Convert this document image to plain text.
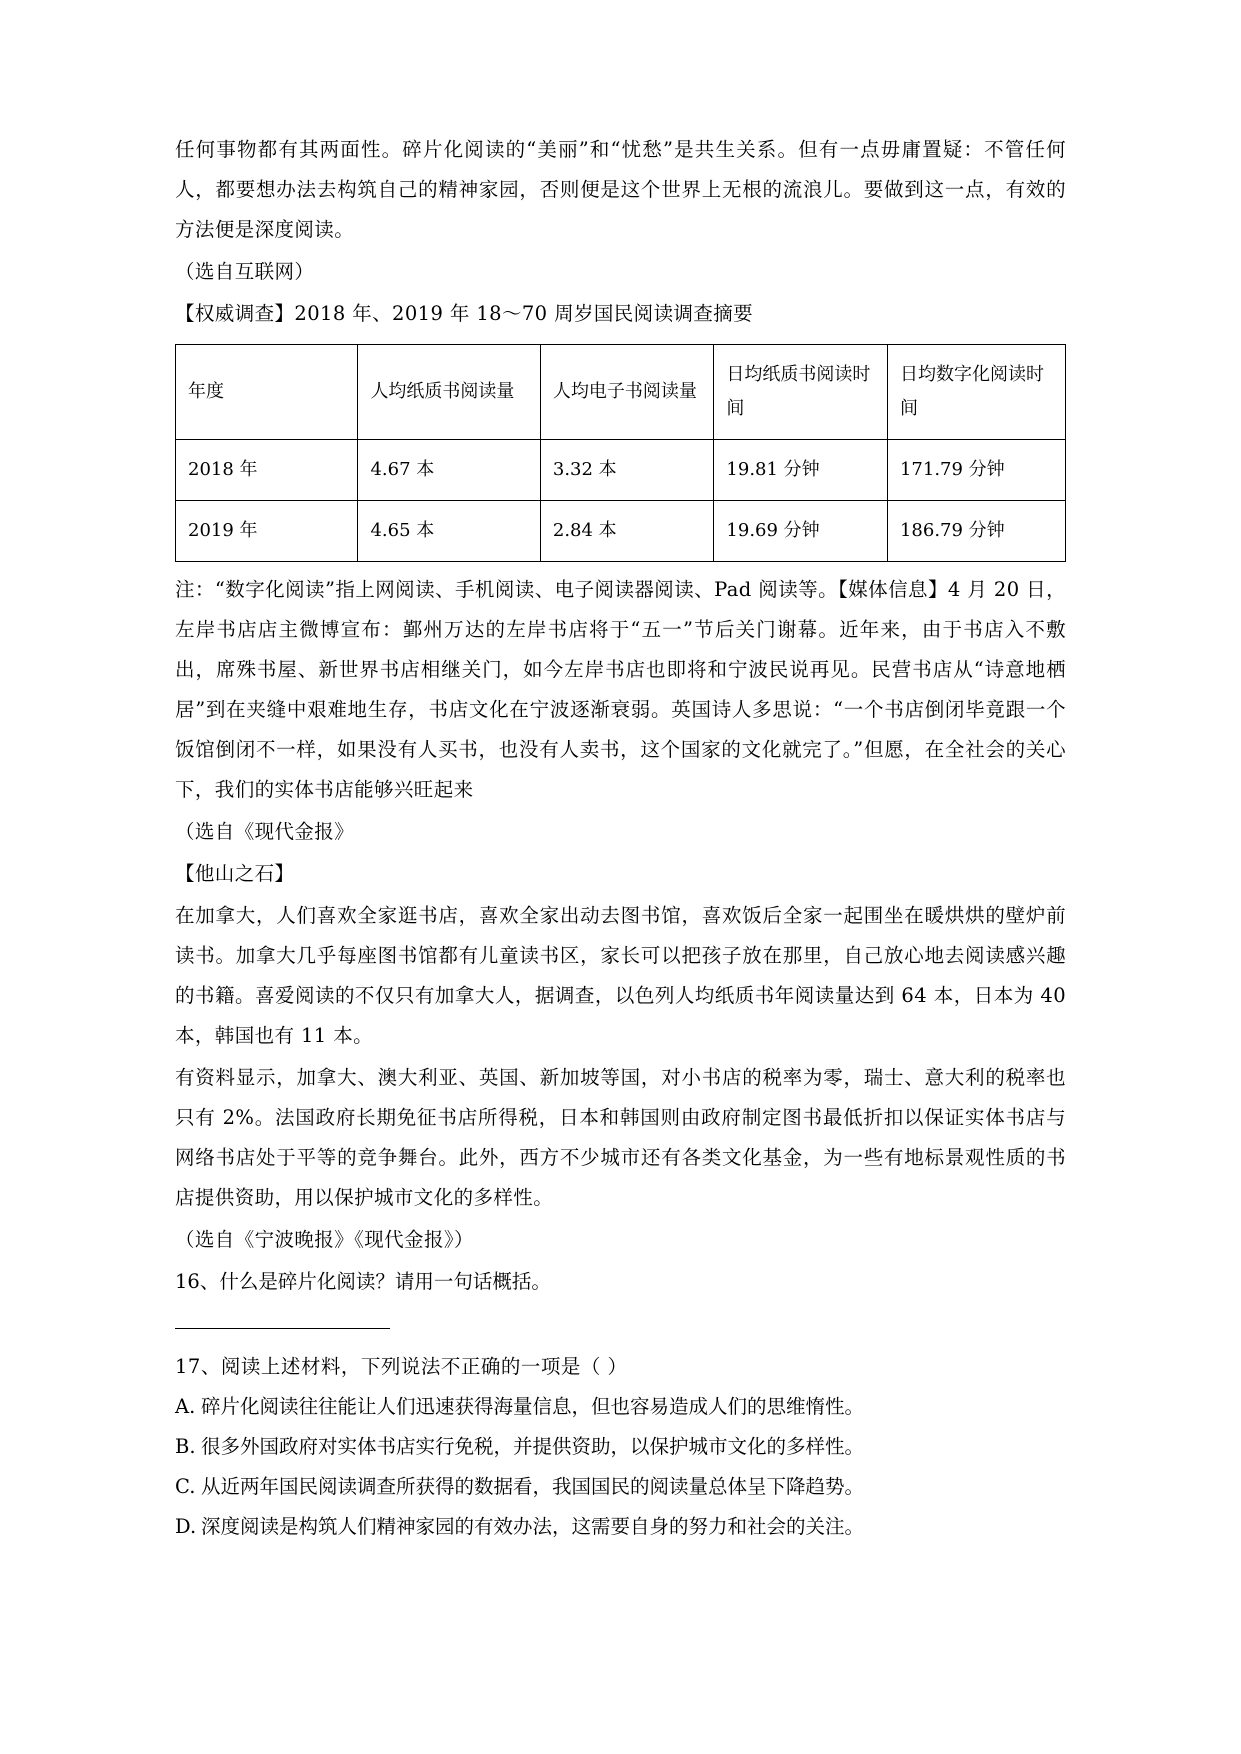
任何事物都有其两面性。碎片化阅读的“美丽”和“忧愁”是共生关系。但有一点毋庸置疑：不管任何人，都要想办法去构筑自己的精神家园，否则便是这个世界上无根的流浪儿。要做到这一点，有效的方法便是深度阅读。

（选自互联网）

【权威调查】2018 年、2019 年 18～70 周岁国民阅读调查摘要

年度	人均纸质书阅读量	人均电子书阅读量	日均纸质书阅读时间	日均数字化阅读时间
2018 年	4.67 本	3.32 本	19.81 分钟	171.79 分钟
2019 年	4.65 本	2.84 本	19.69 分钟	186.79 分钟

注：“数字化阅读”指上网阅读、手机阅读、电子阅读器阅读、Pad 阅读等。【媒体信息】4 月 20 日，左岸书店店主微博宣布：鄞州万达的左岸书店将于“五一”节后关门谢幕。近年来，由于书店入不敷出，席殊书屋、新世界书店相继关门，如今左岸书店也即将和宁波民说再见。民营书店从“诗意地栖居”到在夹缝中艰难地生存，书店文化在宁波逐渐衰弱。英国诗人多思说：“一个书店倒闭毕竟跟一个饭馆倒闭不一样，如果没有人买书，也没有人卖书，这个国家的文化就完了。”但愿，在全社会的关心下，我们的实体书店能够兴旺起来

（选自《现代金报》

【他山之石】

在加拿大，人们喜欢全家逛书店，喜欢全家出动去图书馆，喜欢饭后全家一起围坐在暖烘烘的壁炉前读书。加拿大几乎每座图书馆都有儿童读书区，家长可以把孩子放在那里，自己放心地去阅读感兴趣的书籍。喜爱阅读的不仅只有加拿大人，据调查，以色列人均纸质书年阅读量达到 64 本，日本为 40 本，韩国也有 11 本。

有资料显示，加拿大、澳大利亚、英国、新加坡等国，对小书店的税率为零，瑞士、意大利的税率也只有 2%。法国政府长期免征书店所得税，日本和韩国则由政府制定图书最低折扣以保证实体书店与网络书店处于平等的竞争舞台。此外，西方不少城市还有各类文化基金，为一些有地标景观性质的书店提供资助，用以保护城市文化的多样性。

（选自《宁波晚报》《现代金报》）

16、什么是碎片化阅读？请用一句话概括。

17、阅读上述材料，下列说法不正确的一项是（ ）

A. 碎片化阅读往往能让人们迅速获得海量信息，但也容易造成人们的思维惰性。

B. 很多外国政府对实体书店实行免税，并提供资助，以保护城市文化的多样性。

C. 从近两年国民阅读调查所获得的数据看，我国国民的阅读量总体呈下降趋势。

D. 深度阅读是构筑人们精神家园的有效办法，这需要自身的努力和社会的关注。
